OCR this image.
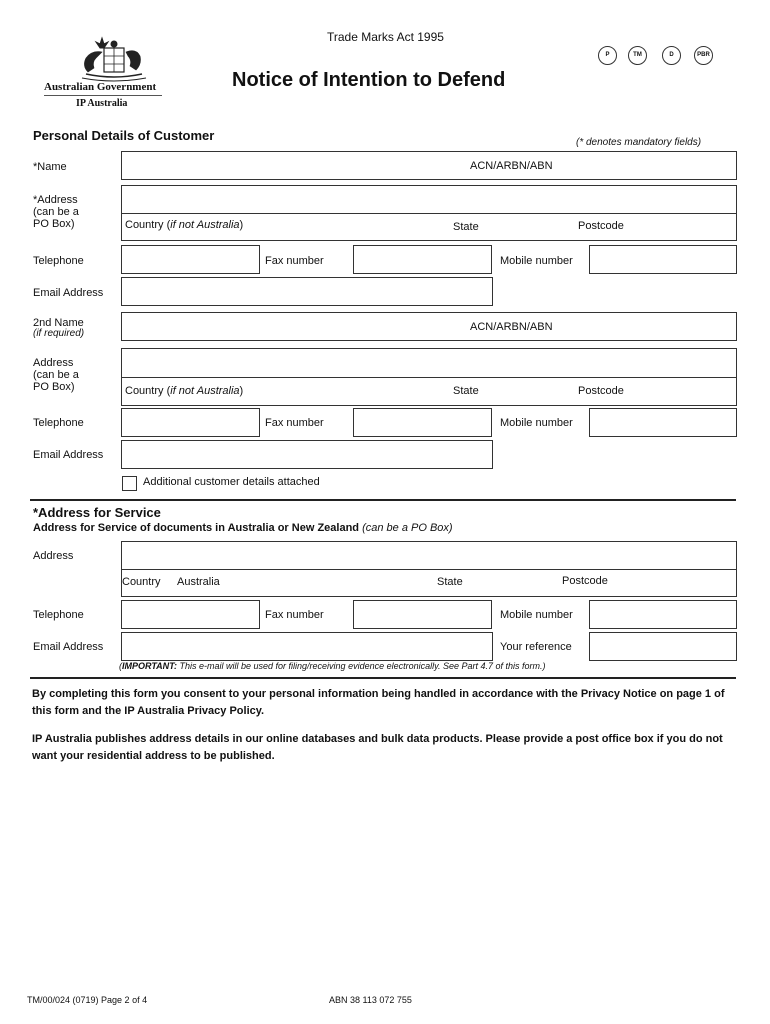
Australian Government
IP Australia
Trade Marks Act 1995
Notice of Intention to Defend
P	TM	D	PBR
Personal Details of Customer	(* denotes mandatory fields)
*Name	ACN/ARBN/ABN
*Address
(can be a
PO Box)	Country (if not Australia)	State	Postcode
Telephone	Fax number	Mobile number
Email Address
2nd Name
(if required)
ACN/ARBN/ABN
Address
(can be a
PO Box)	Country (if not Australia)	State	Postcode
Telephone	Fax number	Mobile number
Email Address
Additional customer details attached
*Address for Service
Address for Service of documents in Australia or New Zealand (can be a PO Box)
Address
Country Australia	State	Postcode
Telephone	Fax number	Mobile number
Email Address	Your reference
(IMPORTANT: This e-mail will be used for filing/receiving evidence electronically. See Part 4.7 of this form.)
By completing this form you consent to your personal information being handled in accordance with the Privacy Notice on page 1 of this form and the IP Australia Privacy Policy.
IP Australia publishes address details in our online databases and bulk data products. Please provide a post office box if you do not want your residential address to be published.
TM/00/024 (0719) Page 2 of 4	ABN 38 113 072 755
